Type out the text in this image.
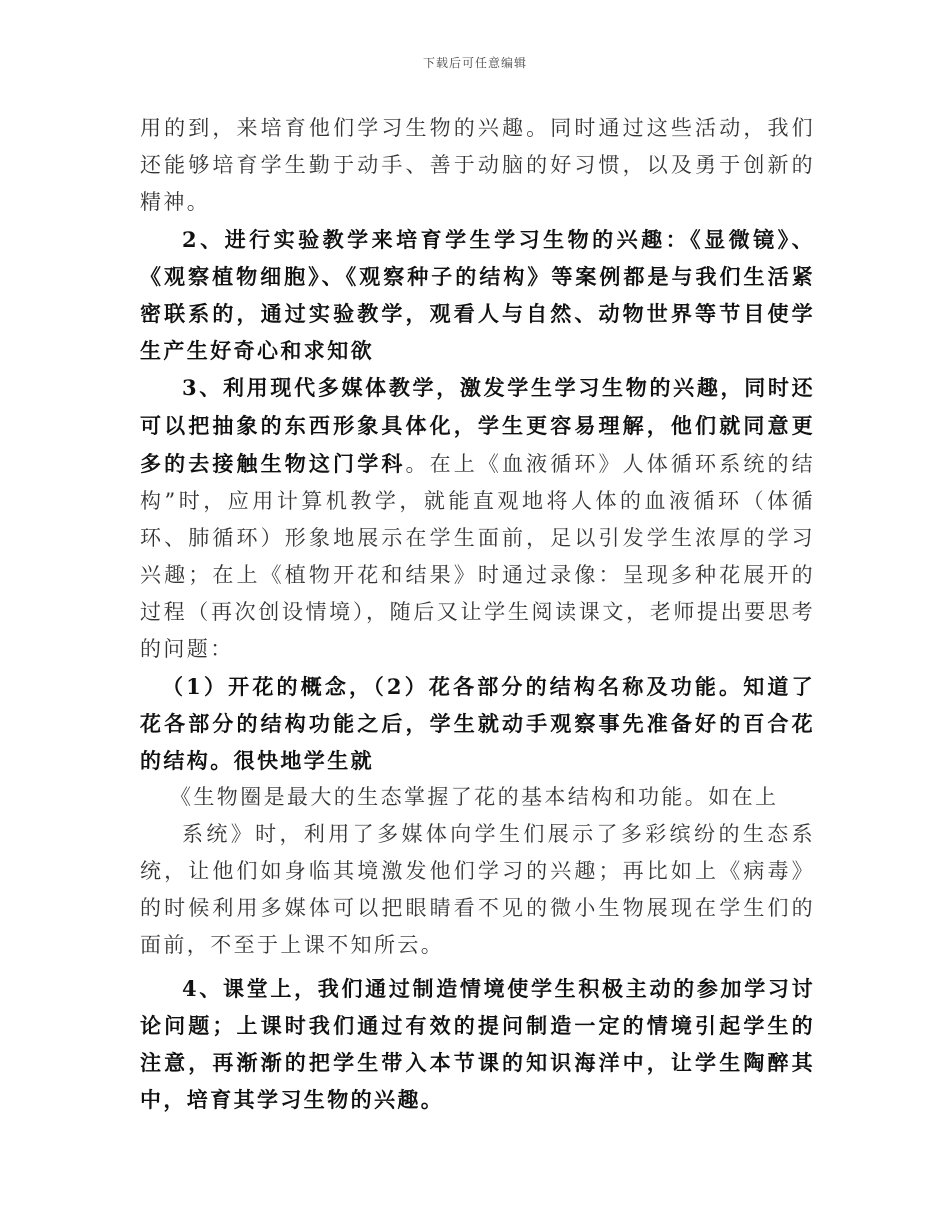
下载后可任意编辑

用的到，来培育他们学习生物的兴趣。同时通过这些活动，我们还能够培育学生勤于动手、善于动脑的好习惯，以及勇于创新的精神。

2、进行实验教学来培育学生学习生物的兴趣：《显微镜》、《观察植物细胞》、《观察种子的结构》等案例都是与我们生活紧密联系的，通过实验教学，观看人与自然、动物世界等节目使学生产生好奇心和求知欲

3、利用现代多媒体教学，激发学生学习生物的兴趣，同时还可以把抽象的东西形象具体化，学生更容易理解，他们就同意更多的去接触生物这门学科。在上《血液循环》人体循环系统的结构”时，应用计算机教学，就能直观地将人体的血液循环（体循环、肺循环）形象地展示在学生面前，足以引发学生浓厚的学习兴趣；在上《植物开花和结果》时通过录像：呈现多种花展开的过程（再次创设情境），随后又让学生阅读课文，老师提出要思考的问题：

（1）开花的概念，（2）花各部分的结构名称及功能。知道了花各部分的结构功能之后，学生就动手观察事先准备好的百合花的结构。很快地学生就

《生物圈是最大的生态掌握了花的基本结构和功能。如在上

系统》时，利用了多媒体向学生们展示了多彩缤纷的生态系统，让他们如身临其境激发他们学习的兴趣；再比如上《病毒》的时候利用多媒体可以把眼睛看不见的微小生物展现在学生们的面前，不至于上课不知所云。

4、课堂上，我们通过制造情境使学生积极主动的参加学习讨论问题；上课时我们通过有效的提问制造一定的情境引起学生的注意，再渐渐的把学生带入本节课的知识海洋中，让学生陶醉其中，培育其学习生物的兴趣。
